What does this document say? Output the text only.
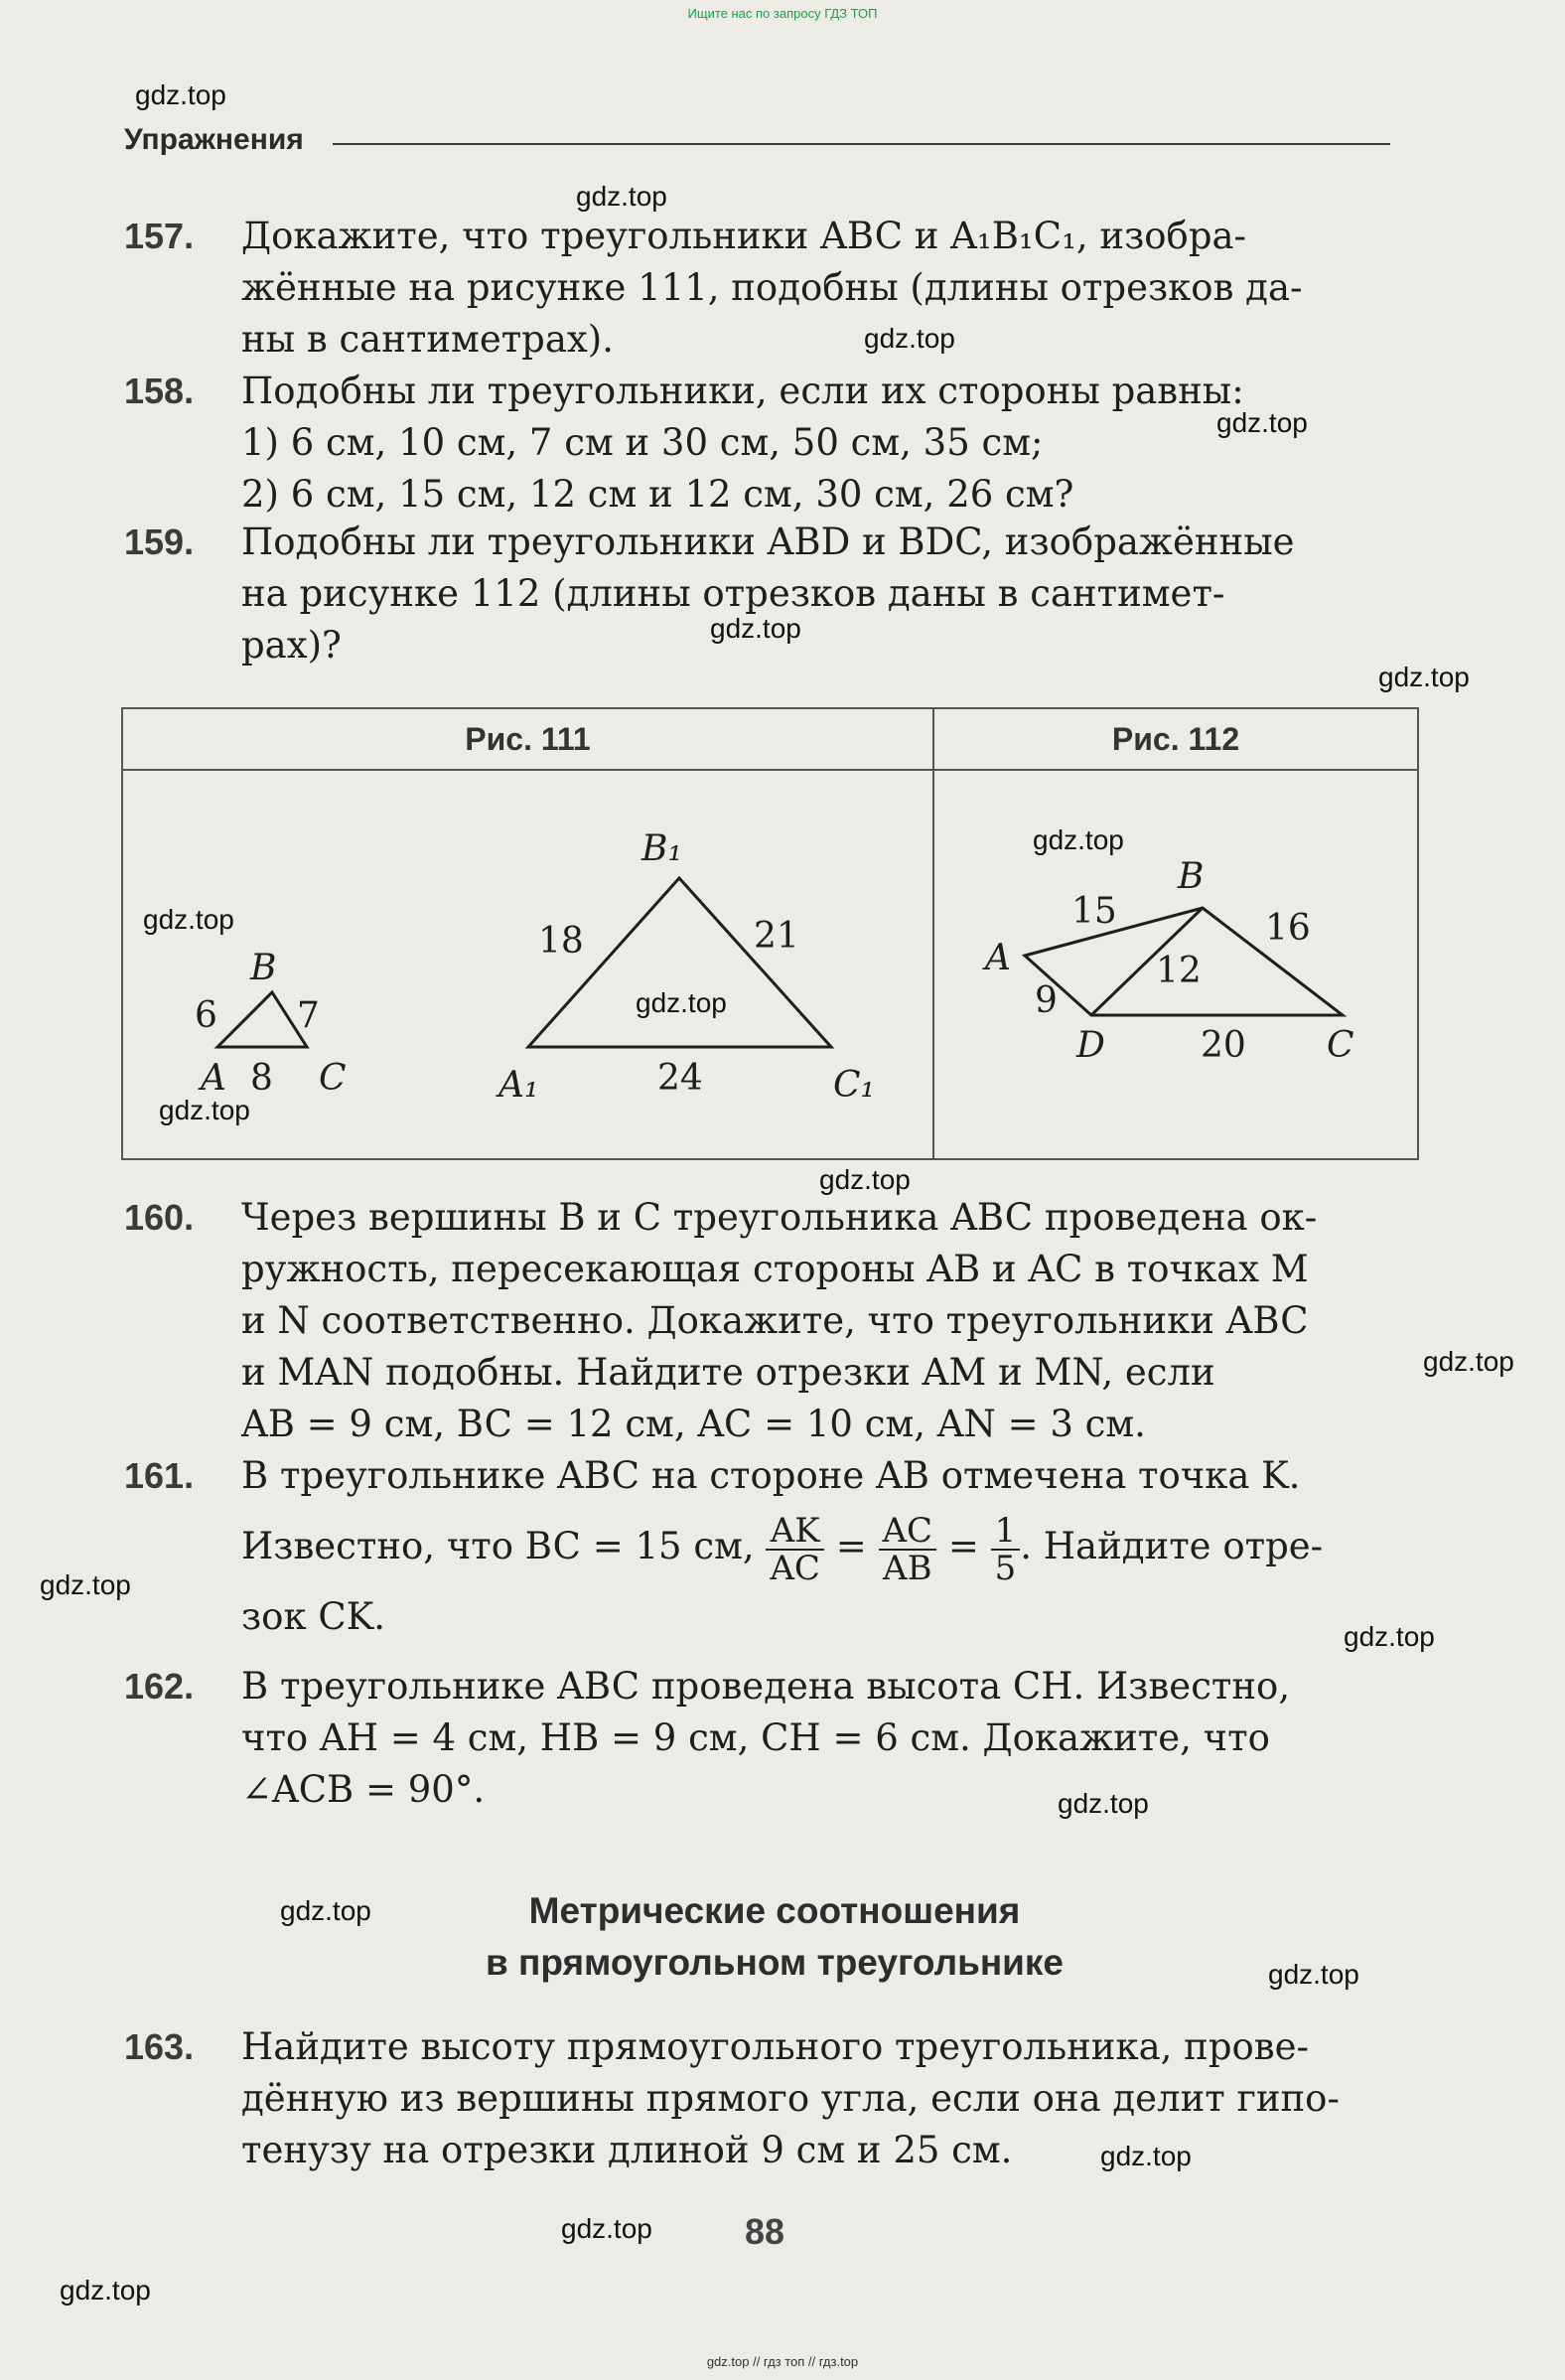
Ищите нас по запросу ГДЗ ТОП
Упражнения
157. Докажите, что треугольники ABC и A₁B₁C₁, изобра-

жённые на рисунке 111, подобны (длины отрезков да-

ны в сантиметрах).

158. Подобны ли треугольники, если их стороны равны:

1) 6 см, 10 см, 7 см и 30 см, 50 см, 35 см;

2) 6 см, 15 см, 12 см и 12 см, 30 см, 26 см?

159. Подобны ли треугольники ABD и BDC, изображённые

на рисунке 112 (длины отрезков даны в сантимет-

рах)?

Рис. 111	Рис. 112
A
B
C
6 7
8	A₁
B₁
C₁
18	21
24
A
B
C
D
15
12
16
9
20
160. Через вершины B и C треугольника ABC проведена ок-

ружность, пересекающая стороны AB и AC в точках M

и N соответственно. Докажите, что треугольники ABC

и MAN подобны. Найдите отрезки AM и MN, если

AB = 9 см, BC = 12 см, AC = 10 см, AN = 3 см.

161. В треугольнике ABC на стороне AB отмечена точка K.

Известно, что BC = 15 см, $\frac{AK}{AC} = \frac{AC}{AB} = \frac{1}{5}$ . Найдите отре-

зок CK.

162. В треугольнике ABC проведена высота CH. Известно,

что AH = 4 см, HB = 9 см, CH = 6 см. Докажите, что

∠ACB = 90°.

Метрические соотношения
в прямоугольном треугольнике
163. Найдите высоту прямоугольного треугольника, прове-

дённую из вершины прямого угла, если она делит гипо-

тенузу на отрезки длиной 9 см и 25 см.

88
gdz.top
gdz.top
gdz.top
gdz.top
gdz.top
gdz.top
gdz.top
gdz.top
gdz.top
gdz.top
gdz.top
gdz.top
gdz.top
gdz.top
gdz.top
gdz.top
gdz.top
gdz.top
gdz.top
gdz.top
gdz.top // гдз топ // гдз.top
